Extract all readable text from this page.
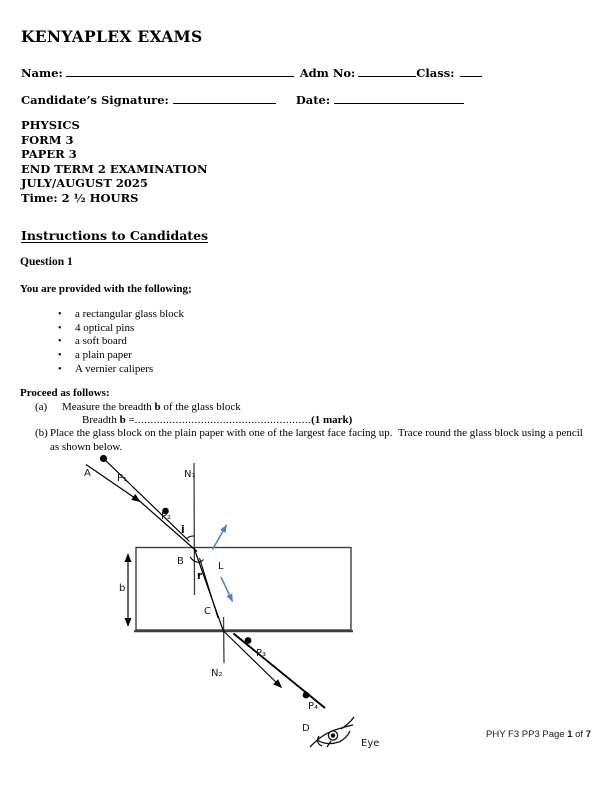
KENYAPLEX EXAMS
Name:	Adm No:	Class:
Candidate’s Signature:	Date:
PHYSICS
FORM 3
PAPER 3
END TERM 2 EXAMINATION
JULY/AUGUST 2025
Time: 2 ½ HOURS
Instructions to Candidates
Question 1
You are provided with the following;
•	a rectangular glass block
•	4 optical pins
•	a soft board
•	a plain paper
•	A vernier calipers
Proceed as follows:
(a) Measure the breadth b of the glass block
Breadth b =........................................................(1 mark)
(b) Place the glass block on the plain paper with one of the largest face facing up.  Trace round the glass block using a pencil as shown below.
A	P₁
P₂
N₁
i
B	L
r
C
N₂
P₃
P₄
D
Eye
b
PHY F3 PP3 Page 1 of 7
